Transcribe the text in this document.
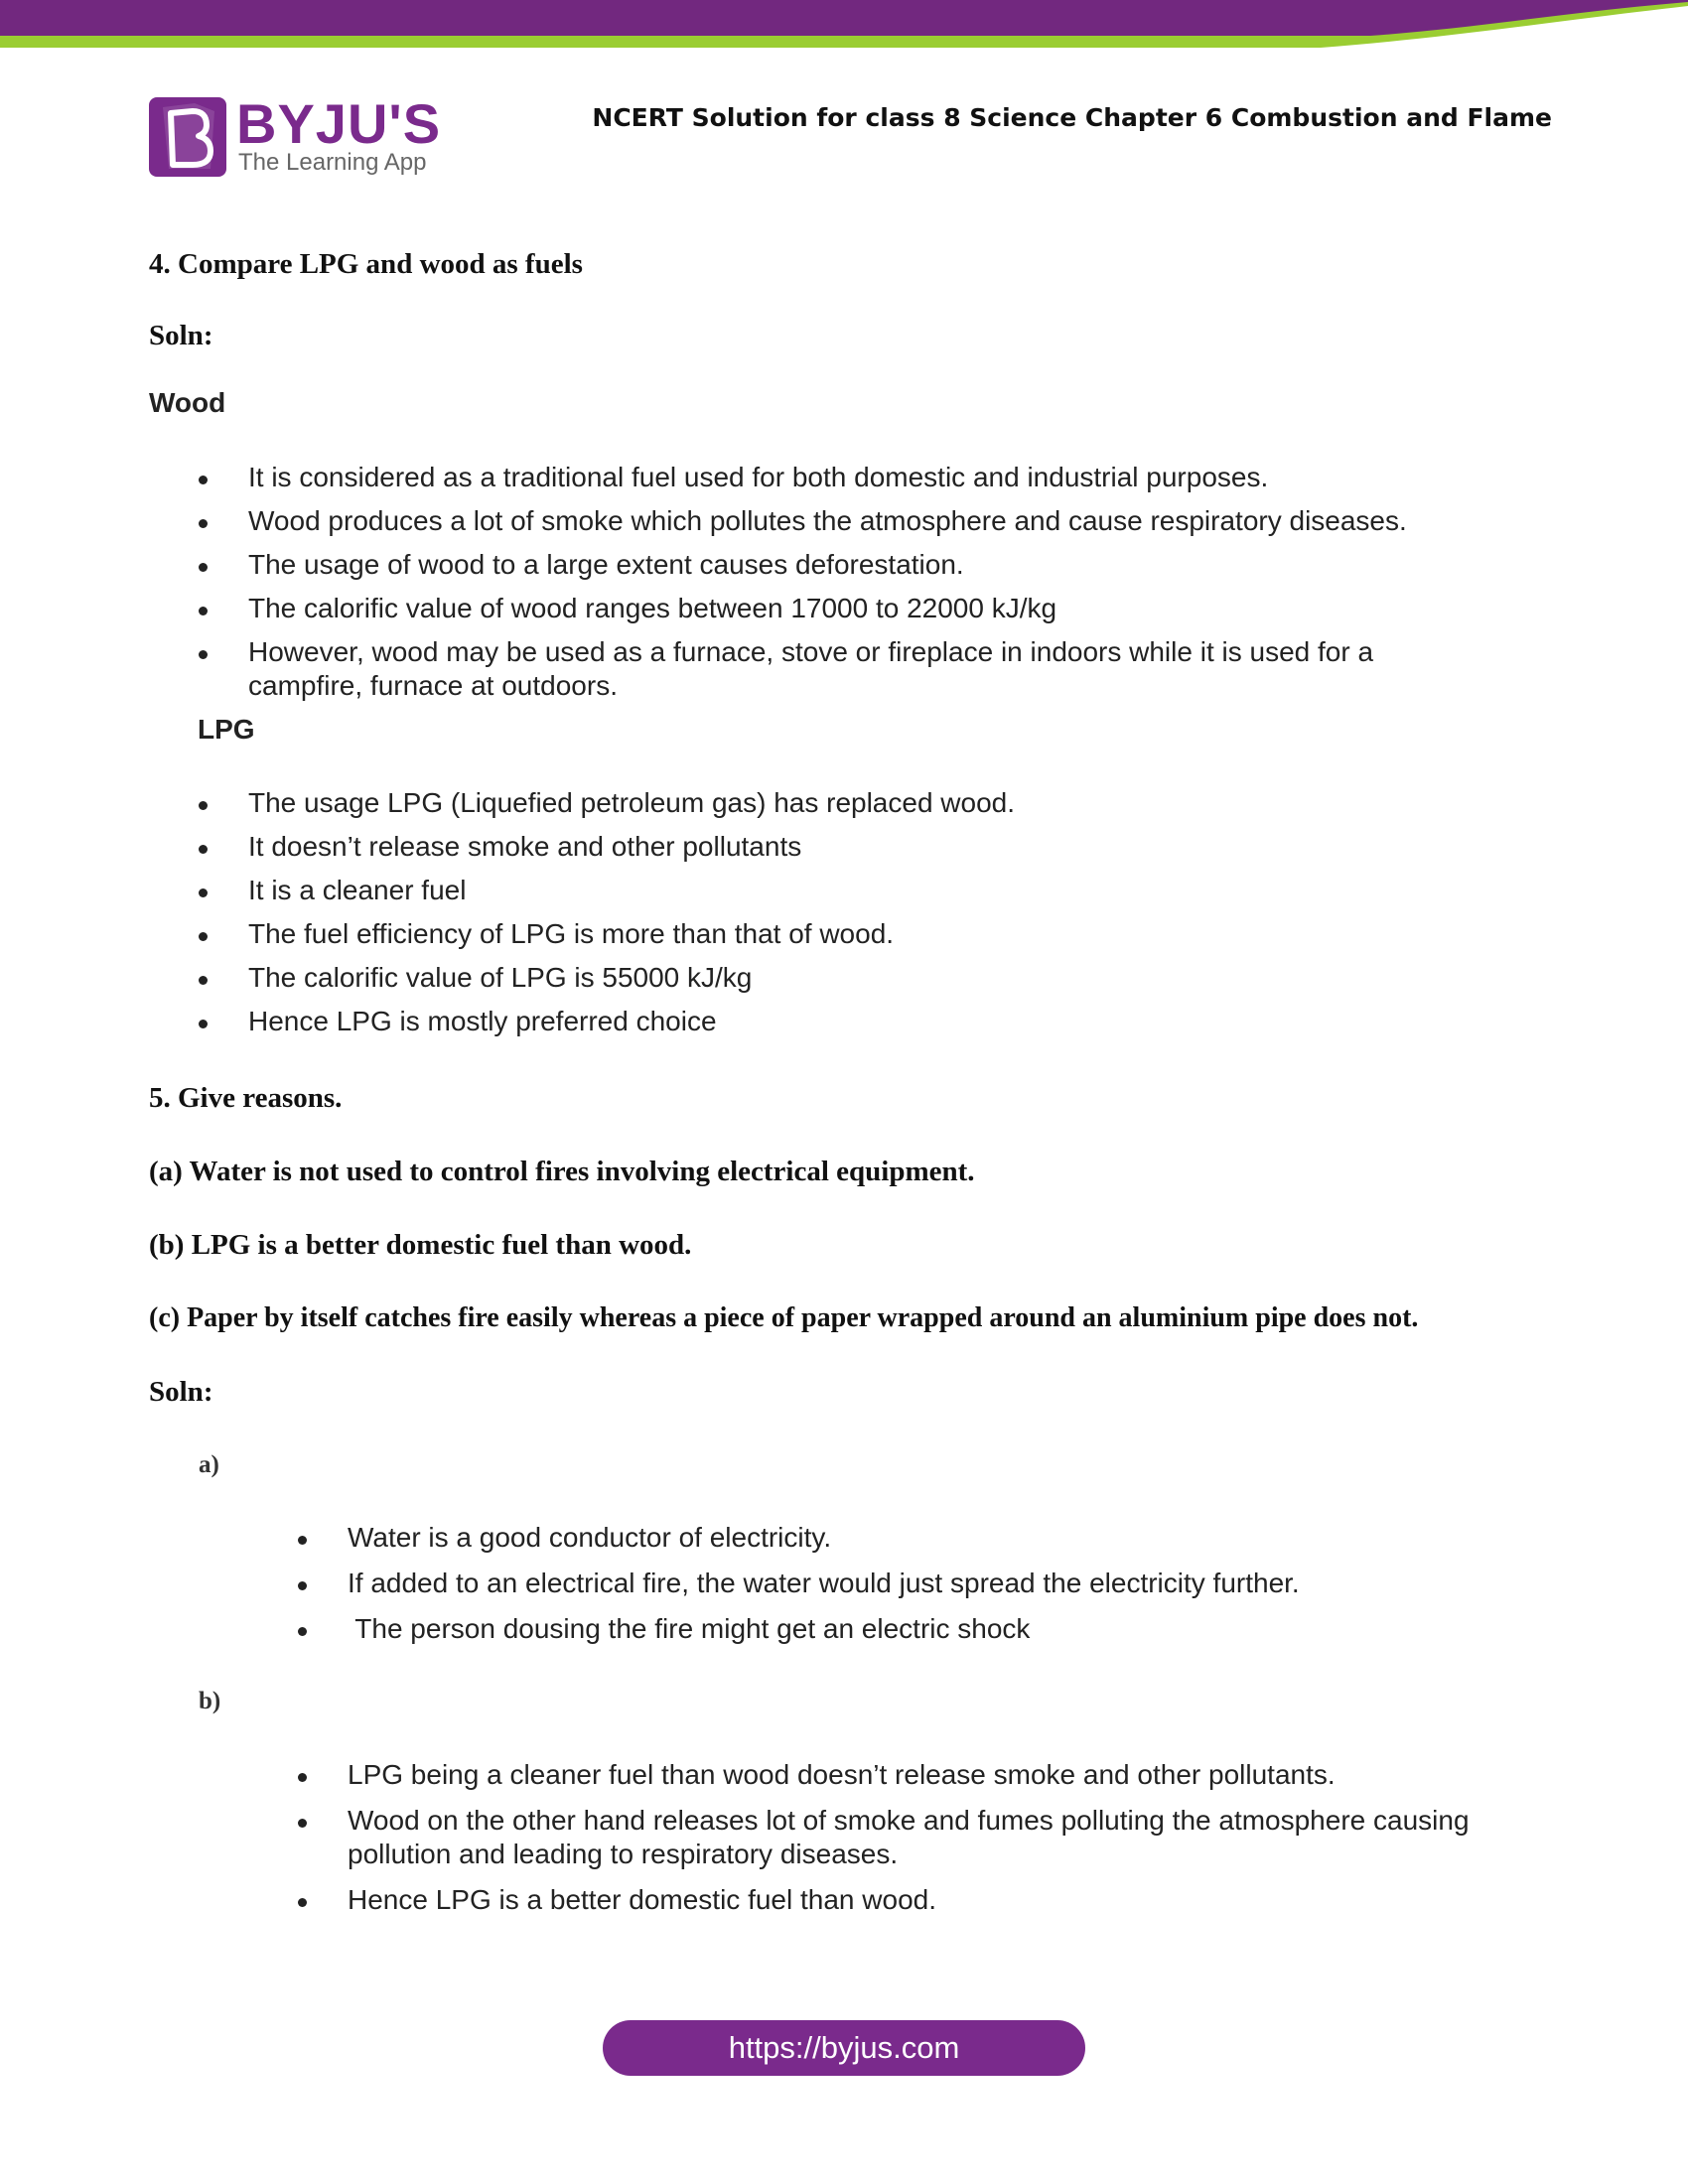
BYJU'S
The Learning App
NCERT Solution for class 8 Science Chapter 6 Combustion and Flame
4. Compare LPG and wood as fuels
Soln:
Wood
It is considered as a traditional fuel used for both domestic and industrial purposes.
Wood produces a lot of smoke which pollutes the atmosphere and cause respiratory diseases.
The usage of wood to a large extent causes deforestation.
The calorific value of wood ranges between 17000 to 22000 kJ/kg
However, wood may be used as a furnace, stove or fireplace in indoors while it is used for a campfire, furnace at outdoors.
LPG
The usage LPG (Liquefied petroleum gas) has replaced wood.
It doesn’t release smoke and other pollutants
It is a cleaner fuel
The fuel efficiency of LPG is more than that of wood.
The calorific value of LPG is 55000 kJ/kg
Hence LPG is mostly preferred choice
5. Give reasons.
(a) Water is not used to control fires involving electrical equipment.
(b) LPG is a better domestic fuel than wood.
(c) Paper by itself catches fire easily whereas a piece of paper wrapped around an aluminium pipe does not.
Soln:
a)
Water is a good conductor of electricity.
If added to an electrical fire, the water would just spread the electricity further.
The person dousing the fire might get an electric shock
b)
LPG being a cleaner fuel than wood doesn’t release smoke and other pollutants.
Wood on the other hand releases lot of smoke and fumes polluting the atmosphere causing pollution and leading to respiratory diseases.
Hence LPG is a better domestic fuel than wood.
https://byjus.com
